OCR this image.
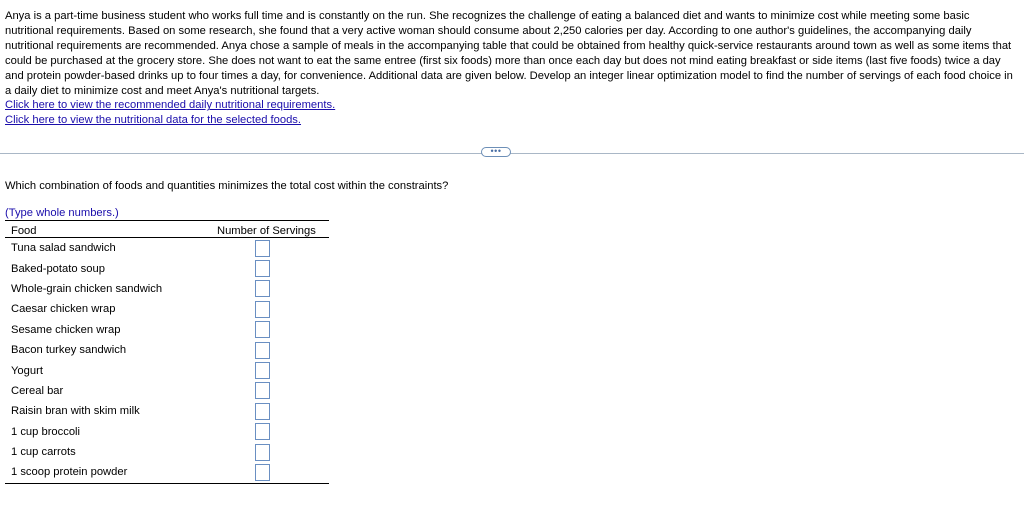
Anya is a part-time business student who works full time and is constantly on the run. She recognizes the challenge of eating a balanced diet and wants to minimize cost while meeting some basic nutritional requirements. Based on some research, she found that a very active woman should consume about 2,250 calories per day. According to one author's guidelines, the accompanying daily nutritional requirements are recommended. Anya chose a sample of meals in the accompanying table that could be obtained from healthy quick-service restaurants around town as well as some items that could be purchased at the grocery store. She does not want to eat the same entree (first six foods) more than once each day but does not mind eating breakfast or side items (last five foods) twice a day and protein powder-based drinks up to four times a day, for convenience. Additional data are given below. Develop an integer linear optimization model to find the number of servings of each food choice in a daily diet to minimize cost and meet Anya's nutritional targets.

Click here to view the recommended daily nutritional requirements.
Click here to view the nutritional data for the selected foods.
•••
Which combination of foods and quantities minimizes the total cost within the constraints?
(Type whole numbers.)
Food	Number of Servings
Tuna salad sandwich	
Baked-potato soup	
Whole-grain chicken sandwich	
Caesar chicken wrap	
Sesame chicken wrap	
Bacon turkey sandwich	
Yogurt	
Cereal bar	
Raisin bran with skim milk	
1 cup broccoli	
1 cup carrots	
1 scoop protein powder	
